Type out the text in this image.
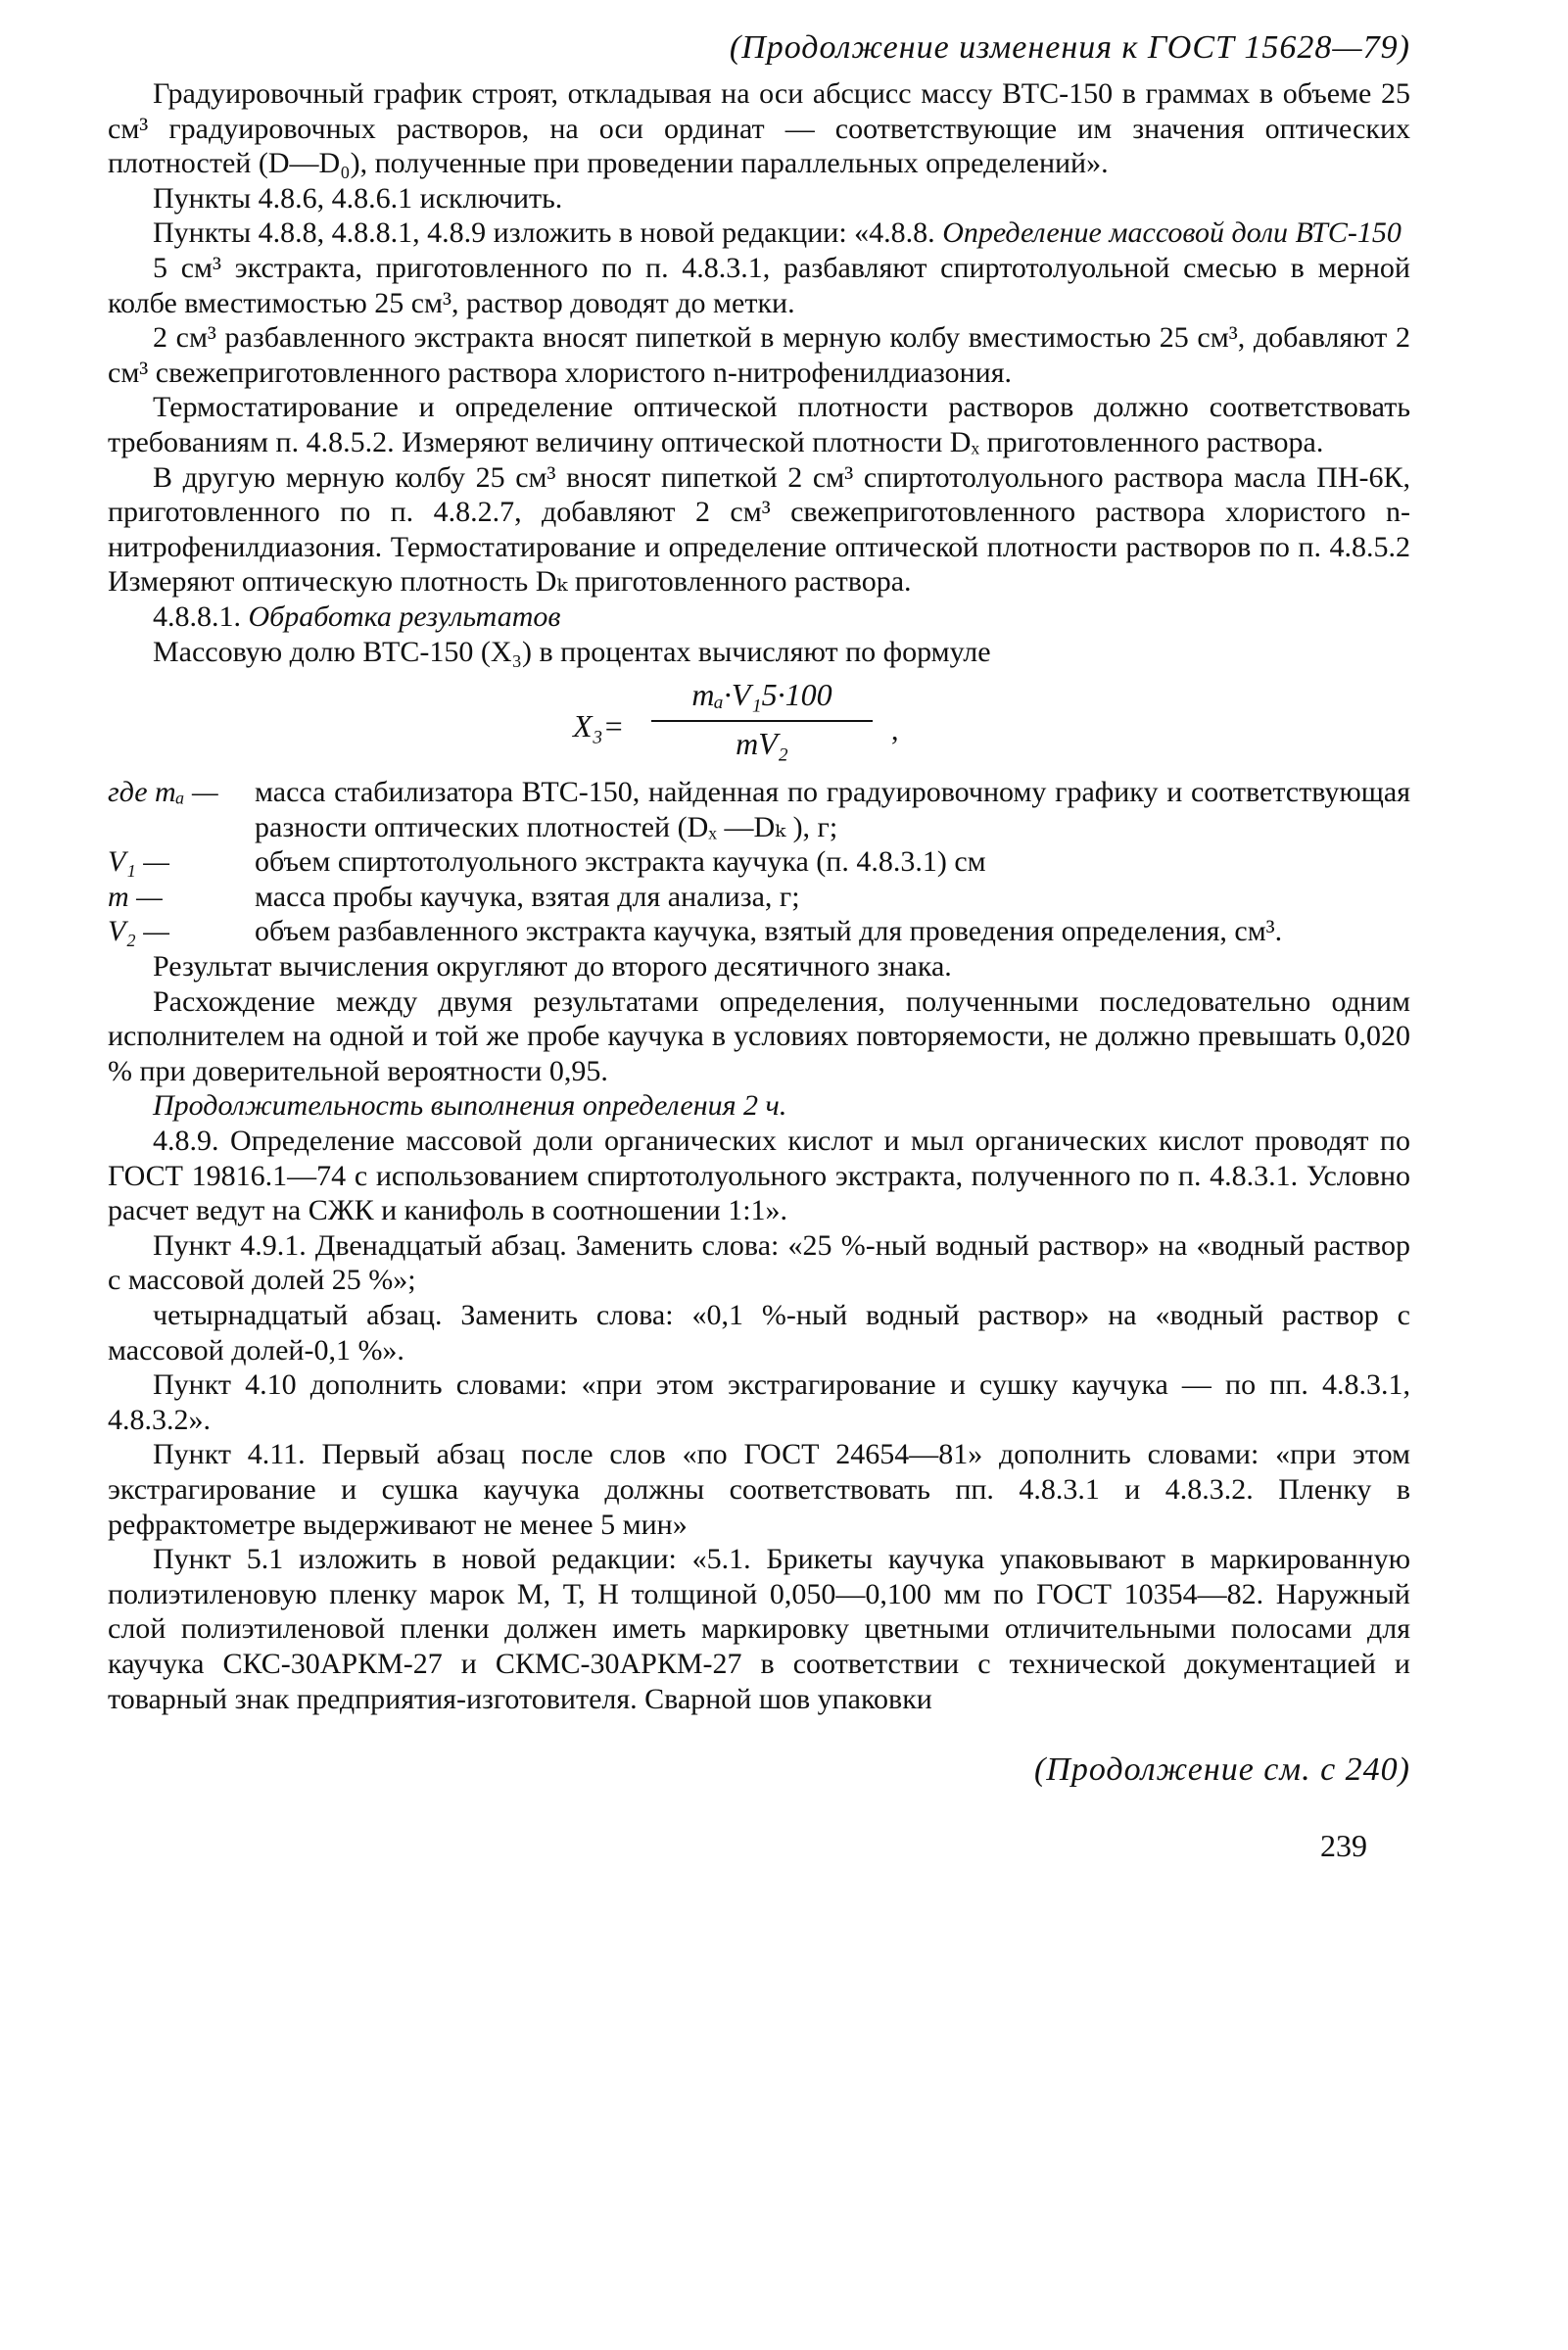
(Продолжение изменения к ГОСТ 15628—79)

Градуировочный график строят, откладывая на оси абсцисс массу ВТС-150 в граммах в объеме 25 см³ градуировочных растворов, на оси ординат — соответствующие им значения оптических плотностей (D—D₀), полученные при проведении параллельных определений».

Пункты 4.8.6, 4.8.6.1 исключить.

Пункты 4.8.8, 4.8.8.1, 4.8.9 изложить в новой редакции: «4.8.8. Определение массовой доли ВТС-150

5 см³ экстракта, приготовленного по п. 4.8.3.1, разбавляют спиртотолуольной смесью в мерной колбе вместимостью 25 см³, раствор доводят до метки.

2 см³ разбавленного экстракта вносят пипеткой в мерную колбу вместимостью 25 см³, добавляют 2 см³ свежеприготовленного раствора хлористого n-нитрофенилдиазония.

Термостатирование и определение оптической плотности растворов должно соответствовать требованиям п. 4.8.5.2. Измеряют величину оптической плотности Dₓ приготовленного раствора.

В другую мерную колбу 25 см³ вносят пипеткой 2 см³ спиртотолуольного раствора масла ПН-6К, приготовленного по п. 4.8.2.7, добавляют 2 см³ свежеприготовленного раствора хлористого n-нитрофенилдиазония. Термостатирование и определение оптической плотности растворов по п. 4.8.5.2 Измеряют оптическую плотность Dₖ приготовленного раствора.

4.8.8.1. Обработка результатов

Массовую долю ВТС-150 (X₃) в процентах вычисляют по формуле

X₃=
mₐ·V₁5·100
mV₂	,

где mₐ —	масса стабилизатора ВТС-150, найденная по градуировочному графику и соответствующая разности оптических плотностей (Dₓ —Dₖ ), г;

V₁ —	объем спиртотолуольного экстракта каучука (п. 4.8.3.1) см

m —	масса пробы каучука, взятая для анализа, г;

V₂ —	объем разбавленного экстракта каучука, взятый для проведения определения, см³.

Результат вычисления округляют до второго десятичного знака.

Расхождение между двумя результатами определения, полученными последовательно одним исполнителем на одной и той же пробе каучука в условиях повторяемости, не должно превышать 0,020 % при доверительной вероятности 0,95.

Продолжительность выполнения определения 2 ч.

4.8.9. Определение массовой доли органических кислот и мыл органических кислот проводят по ГОСТ 19816.1—74 с использованием спиртотолуольного экстракта, полученного по п. 4.8.3.1. Условно расчет ведут на СЖК и канифоль в соотношении 1:1».

Пункт 4.9.1. Двенадцатый абзац. Заменить слова: «25 %-ный водный раствор» на «водный раствор с массовой долей 25 %»;

четырнадцатый абзац. Заменить слова: «0,1 %-ный водный раствор» на «водный раствор с массовой долей-0,1 %».

Пункт 4.10 дополнить словами: «при этом экстрагирование и сушку каучука — по пп. 4.8.3.1, 4.8.3.2».

Пункт 4.11. Первый абзац после слов «по ГОСТ 24654—81» дополнить словами: «при этом экстрагирование и сушка каучука должны соответствовать пп. 4.8.3.1 и 4.8.3.2. Пленку в рефрактометре выдерживают не менее 5 мин»

Пункт 5.1 изложить в новой редакции: «5.1. Брикеты каучука упаковывают в маркированную полиэтиленовую пленку марок М, Т, Н толщиной 0,050—0,100 мм по ГОСТ 10354—82. Наружный слой полиэтиленовой пленки должен иметь маркировку цветными отличительными полосами для каучука СКС-30АРКМ-27 и СКМС-30АРКМ-27 в соответствии с технической документацией и товарный знак предприятия-изготовителя. Сварной шов упаковки

(Продолжение см. с 240)
239
